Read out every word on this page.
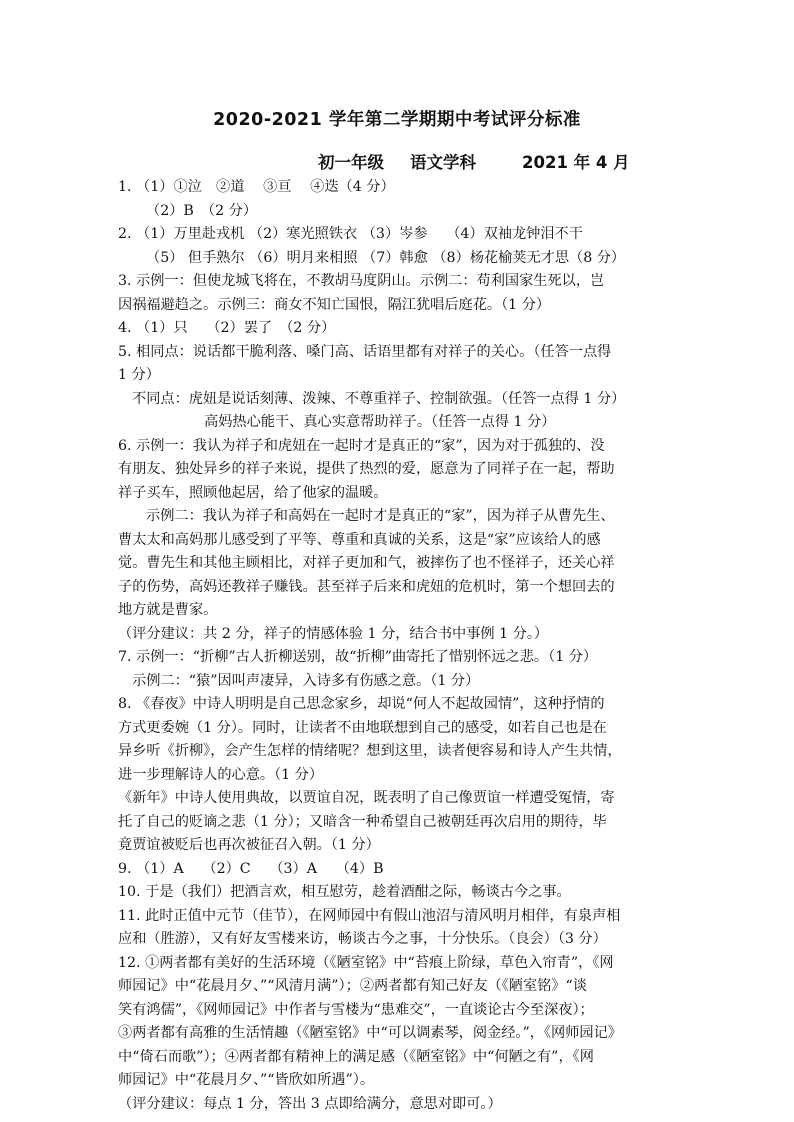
2020-2021 学年第二学期期中考试评分标准
初一年级 语文学科	2021 年 4 月
1. （1）①泣　②道　 ③亘　 ④迭（4 分）
（2）B　（2 分）
2. （1）万里赴戎机 （2）寒光照铁衣 （3）岑参　 （4）双袖龙钟泪不干
（5） 但手熟尔 （6）明月来相照 （7）韩愈 （8）杨花榆荚无才思（8 分）
3. 示例一：但使龙城飞将在，不教胡马度阴山。示例二：苟利国家生死以，岂
因祸福避趋之。示例三：商女不知亡国恨，隔江犹唱后庭花。（1 分）
4. （1）只　 （2）罢了　（2 分）
5. 相同点：说话都干脆利落、嗓门高、话语里都有对祥子的关心。（任答一点得
1 分）
不同点：虎妞是说话刻薄、泼辣、不尊重祥子、控制欲强。（任答一点得 1 分）
高妈热心能干、真心实意帮助祥子。（任答一点得 1 分）
6. 示例一：我认为祥子和虎妞在一起时才是真正的“家”，因为对于孤独的、没
有朋友、独处异乡的祥子来说，提供了热烈的爱，愿意为了同祥子在一起，帮助
祥子买车，照顾他起居，给了他家的温暖。
示例二：我认为祥子和高妈在一起时才是真正的“家”，因为祥子从曹先生、
曹太太和高妈那儿感受到了平等、尊重和真诚的关系，这是“家”应该给人的感
觉。曹先生和其他主顾相比，对祥子更加和气，被摔伤了也不怪祥子，还关心祥
子的伤势，高妈还教祥子赚钱。甚至祥子后来和虎妞的危机时，第一个想回去的
地方就是曹家。
（评分建议：共 2 分，祥子的情感体验 1 分，结合书中事例 1 分。）
7. 示例一：“折柳”古人折柳送别，故“折柳”曲寄托了惜别怀远之悲。（1 分）
示例二：“猿”因叫声凄异，入诗多有伤感之意。（1 分）
8. 《春夜》中诗人明明是自己思念家乡，却说“何人不起故园情”，这种抒情的
方式更委婉（1 分）。同时，让读者不由地联想到自己的感受，如若自己也是在
异乡听《折柳》，会产生怎样的情绪呢？想到这里，读者便容易和诗人产生共情，
进一步理解诗人的心意。（1 分）
《新年》中诗人使用典故，以贾谊自况，既表明了自己像贾谊一样遭受冤情，寄
托了自己的贬谪之悲（1 分）；又暗含一种希望自己被朝廷再次启用的期待，毕
竟贾谊被贬后也再次被征召入朝。（1 分）
9. （1）A　 （2）C　 （3）A　 （4）B
10. 于是（我们）把酒言欢，相互慰劳，趁着酒酣之际，畅谈古今之事。
11. 此时正值中元节（佳节），在网师园中有假山池沼与清风明月相伴，有泉声相
应和（胜游），又有好友雪楼来访，畅谈古今之事，十分快乐。（良会）（3 分）
12. ①两者都有美好的生活环境（《陋室铭》中“苔痕上阶绿，草色入帘青”，《网
师园记》中“花晨月夕、”“风清月满”）；②两者都有知己好友（《陋室铭》“谈
笑有鸿儒”，《网师园记》中作者与雪楼为“患难交”，一直谈论古今至深夜）；
③两者都有高雅的生活情趣（《陋室铭》中“可以调素琴，阅金经。”，《网师园记》
中“倚石而歌”）；④两者都有精神上的满足感（《陋室铭》中“何陋之有”，《网
师园记》中“花晨月夕、”“皆欣如所遇”）。
（评分建议：每点 1 分，答出 3 点即给满分，意思对即可。）
